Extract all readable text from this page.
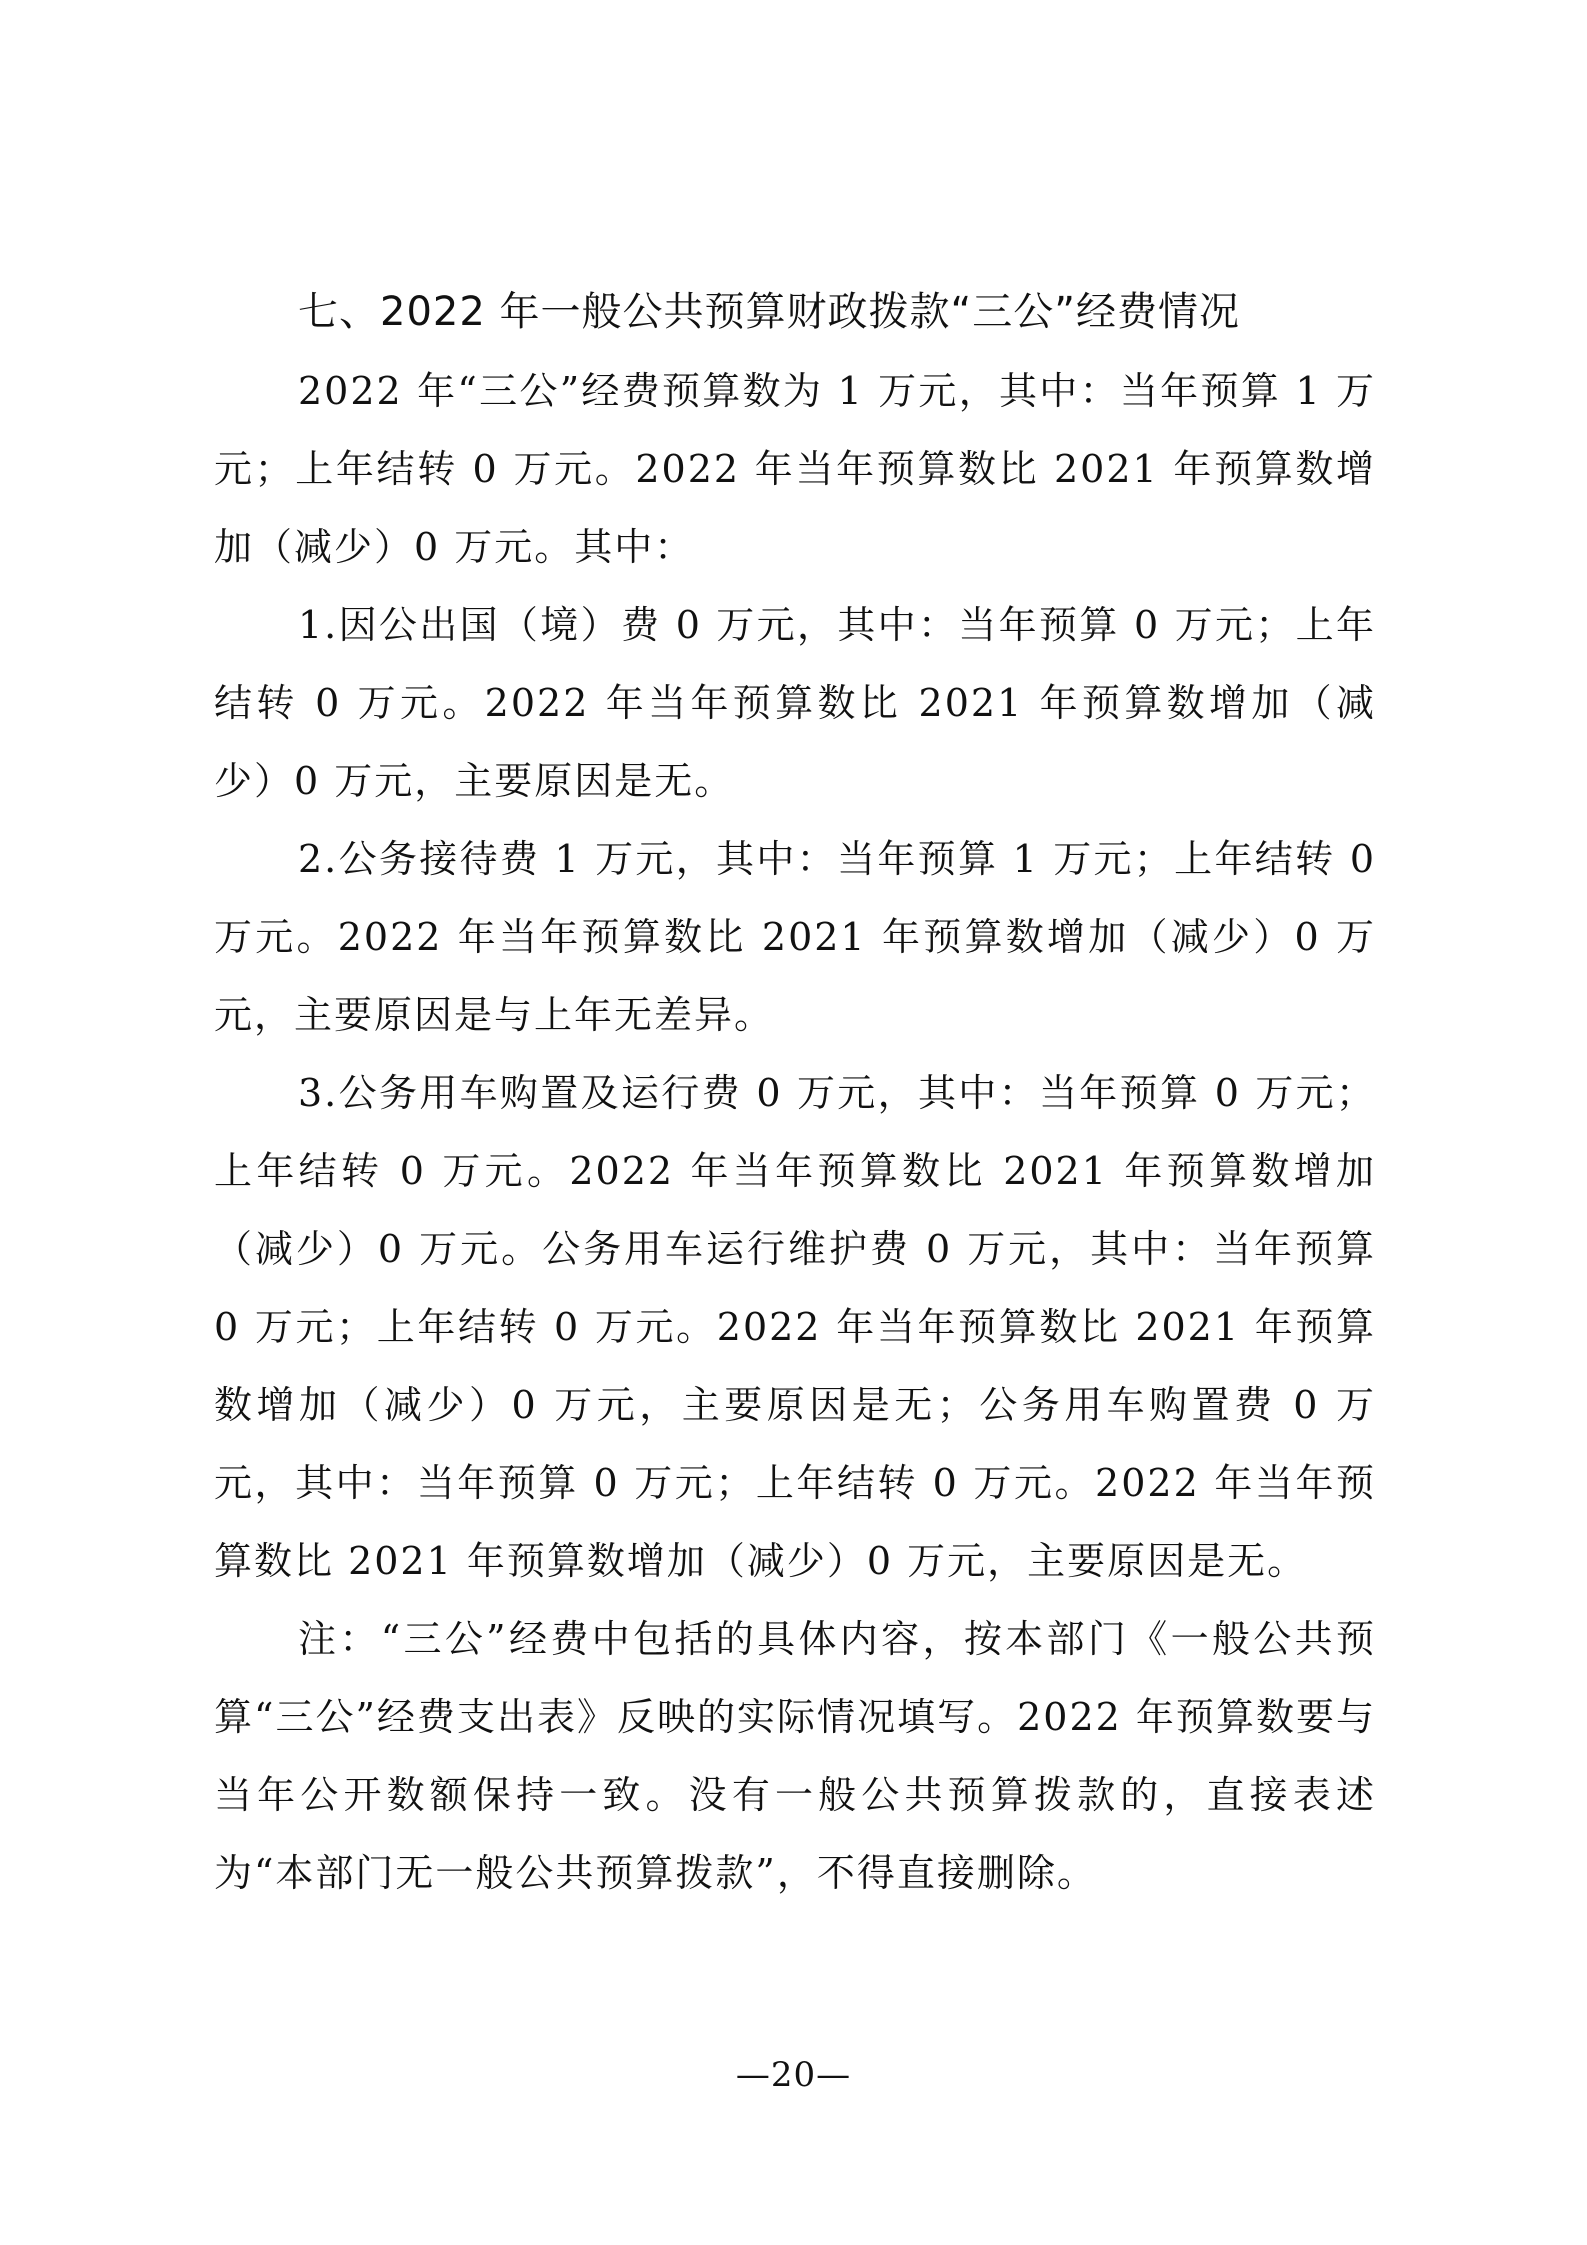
七、2022 年一般公共预算财政拨款“三公”经费情况

2022 年“三公”经费预算数为 1 万元，其中：当年预算 1 万元；上年结转 0 万元。2022 年当年预算数比 2021 年预算数增加（减少）0 万元。其中：

1.因公出国（境）费 0 万元，其中：当年预算 0 万元；上年结转 0 万元。2022 年当年预算数比 2021 年预算数增加（减少）0 万元，主要原因是无。

2.公务接待费 1 万元，其中：当年预算 1 万元；上年结转 0 万元。2022 年当年预算数比 2021 年预算数增加（减少）0 万元，主要原因是与上年无差异。

3.公务用车购置及运行费 0 万元，其中：当年预算 0 万元；上年结转 0 万元。2022 年当年预算数比 2021 年预算数增加（减少）0 万元。公务用车运行维护费 0 万元，其中：当年预算 0 万元；上年结转 0 万元。2022 年当年预算数比 2021 年预算数增加（减少）0 万元，主要原因是无；公务用车购置费 0 万元，其中：当年预算 0 万元；上年结转 0 万元。2022 年当年预算数比 2021 年预算数增加（减少）0 万元，主要原因是无。

注：“三公”经费中包括的具体内容，按本部门《一般公共预算“三公”经费支出表》反映的实际情况填写。2022 年预算数要与当年公开数额保持一致。没有一般公共预算拨款的，直接表述为“本部门无一般公共预算拨款”，不得直接删除。

—20—
